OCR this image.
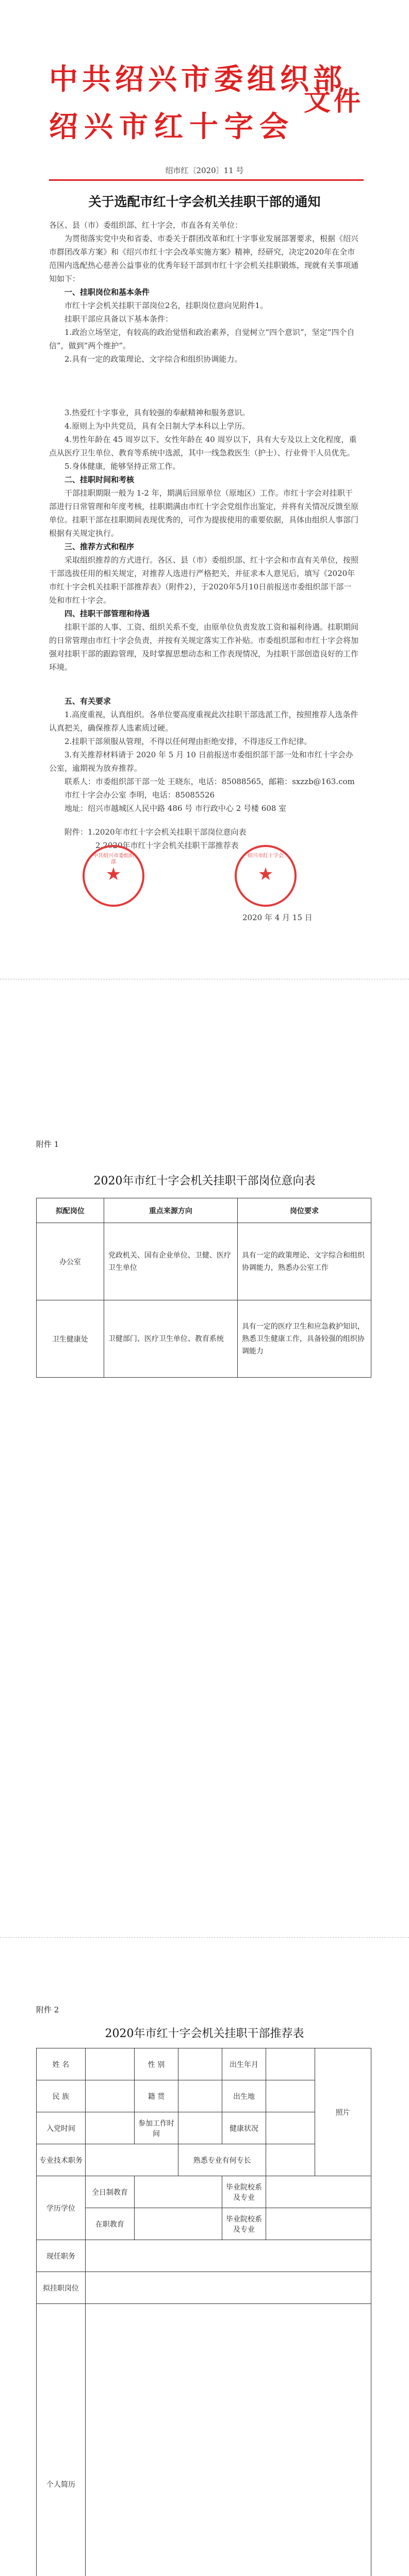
中共绍兴市委组织部
绍兴市红十字会
文件
绍市红〔2020〕11 号
关于选配市红十字会机关挂职干部的通知

各区、县（市）委组织部、红十字会，市直各有关单位：

为贯彻落实党中央和省委、市委关于群团改革和红十字事业发展部署要求，根据《绍兴市群团改革方案》和《绍兴市红十字会改革实施方案》精神，经研究，决定2020年在全市范围内选配热心慈善公益事业的优秀年轻干部到市红十字会机关挂职锻炼，现就有关事项通知如下：

一、挂职岗位和基本条件

市红十字会机关挂职干部岗位2名，挂职岗位意向见附件1。

挂职干部应具备以下基本条件：

1.政治立场坚定，有较高的政治觉悟和政治素养，自觉树立“四个意识”，坚定“四个自信”，做到“两个维护”。

2.具有一定的政策理论、文字综合和组织协调能力。

3.热爱红十字事业，具有较强的奉献精神和服务意识。

4.原则上为中共党员，具有全日制大学本科以上学历。

4.男性年龄在 45 周岁以下、女性年龄在 40 周岁以下，具有大专及以上文化程度，重点从医疗卫生单位、教育等系统中选派，其中一线急救医生（护士）、行业骨干人员优先。

5.身体健康，能够坚持正常工作。

二、挂职时间和考核

干部挂职期限一般为 1-2 年，期满后回原单位（原地区）工作。市红十字会对挂职干部进行日常管理和年度考核，挂职期满由市红十字会党组作出鉴定，并将有关情况反馈至原单位。挂职干部在挂职期间表现优秀的，可作为提拔使用的重要依据，具体由组织人事部门根据有关规定执行。

三、推荐方式和程序

采取组织推荐的方式进行。各区、县（市）委组织部、红十字会和市直有关单位，按照干部选拔任用的相关规定，对推荐人选进行严格把关，并征求本人意见后，填写《2020年市红十字会机关挂职干部推荐表》（附件2），于2020年5月10日前报送市委组织部干部一处和市红十字会。

四、挂职干部管理和待遇

挂职干部的人事、工资、组织关系不变，由原单位负责发放工资和福利待遇。挂职期间的日常管理由市红十字会负责，并按有关规定落实工作补贴。市委组织部和市红十字会将加强对挂职干部的跟踪管理，及时掌握思想动态和工作表现情况，为挂职干部创造良好的工作环境。

五、有关要求

1.高度重视，认真组织。各单位要高度重视此次挂职干部选派工作，按照推荐人选条件认真把关，确保推荐人选素质过硬。

2.挂职干部须服从管理，不得以任何理由拒绝安排，不得违反工作纪律。

3.有关推荐材料请于 2020 年 5 月 10 日前报送市委组织部干部一处和市红十字会办公室，逾期视为放弃推荐。

联系人：市委组织部干部一处 王晓东，电话：85088565，邮箱：sxzzb@163.com

市红十字会办公室 李明，电话：85085526

地址：绍兴市越城区人民中路 486 号 市行政中心 2 号楼 608 室

附件：1.2020年市红十字会机关挂职干部岗位意向表

2.2020年市红十字会机关挂职干部推荐表

中共绍兴市委组织部
★
绍兴市红十字会
★
2020 年 4 月 15 日
附件 1
2020年市红十字会机关挂职干部岗位意向表
拟配岗位	重点来源方向	岗位要求
办公室	党政机关、国有企业单位、卫健、医疗卫生单位	具有一定的政策理论、文字综合和组织协调能力，熟悉办公室工作
卫生健康处	卫健部门、医疗卫生单位、教育系统	具有一定的医疗卫生和应急救护知识，熟悉卫生健康工作，具备较强的组织协调能力
附件 2
2020年市红十字会机关挂职干部推荐表
姓 名		性 别		出生年月		照片
民 族		籍 贯		出生地		
入党时间		参加工作时间		健康状况		
专业技术职务			熟悉专业有何专长			
学历学位	全日制教育			毕业院校系及专业		
	在职教育			毕业院校系及专业		
现任职务						
拟挂职岗位						
个人简历						
